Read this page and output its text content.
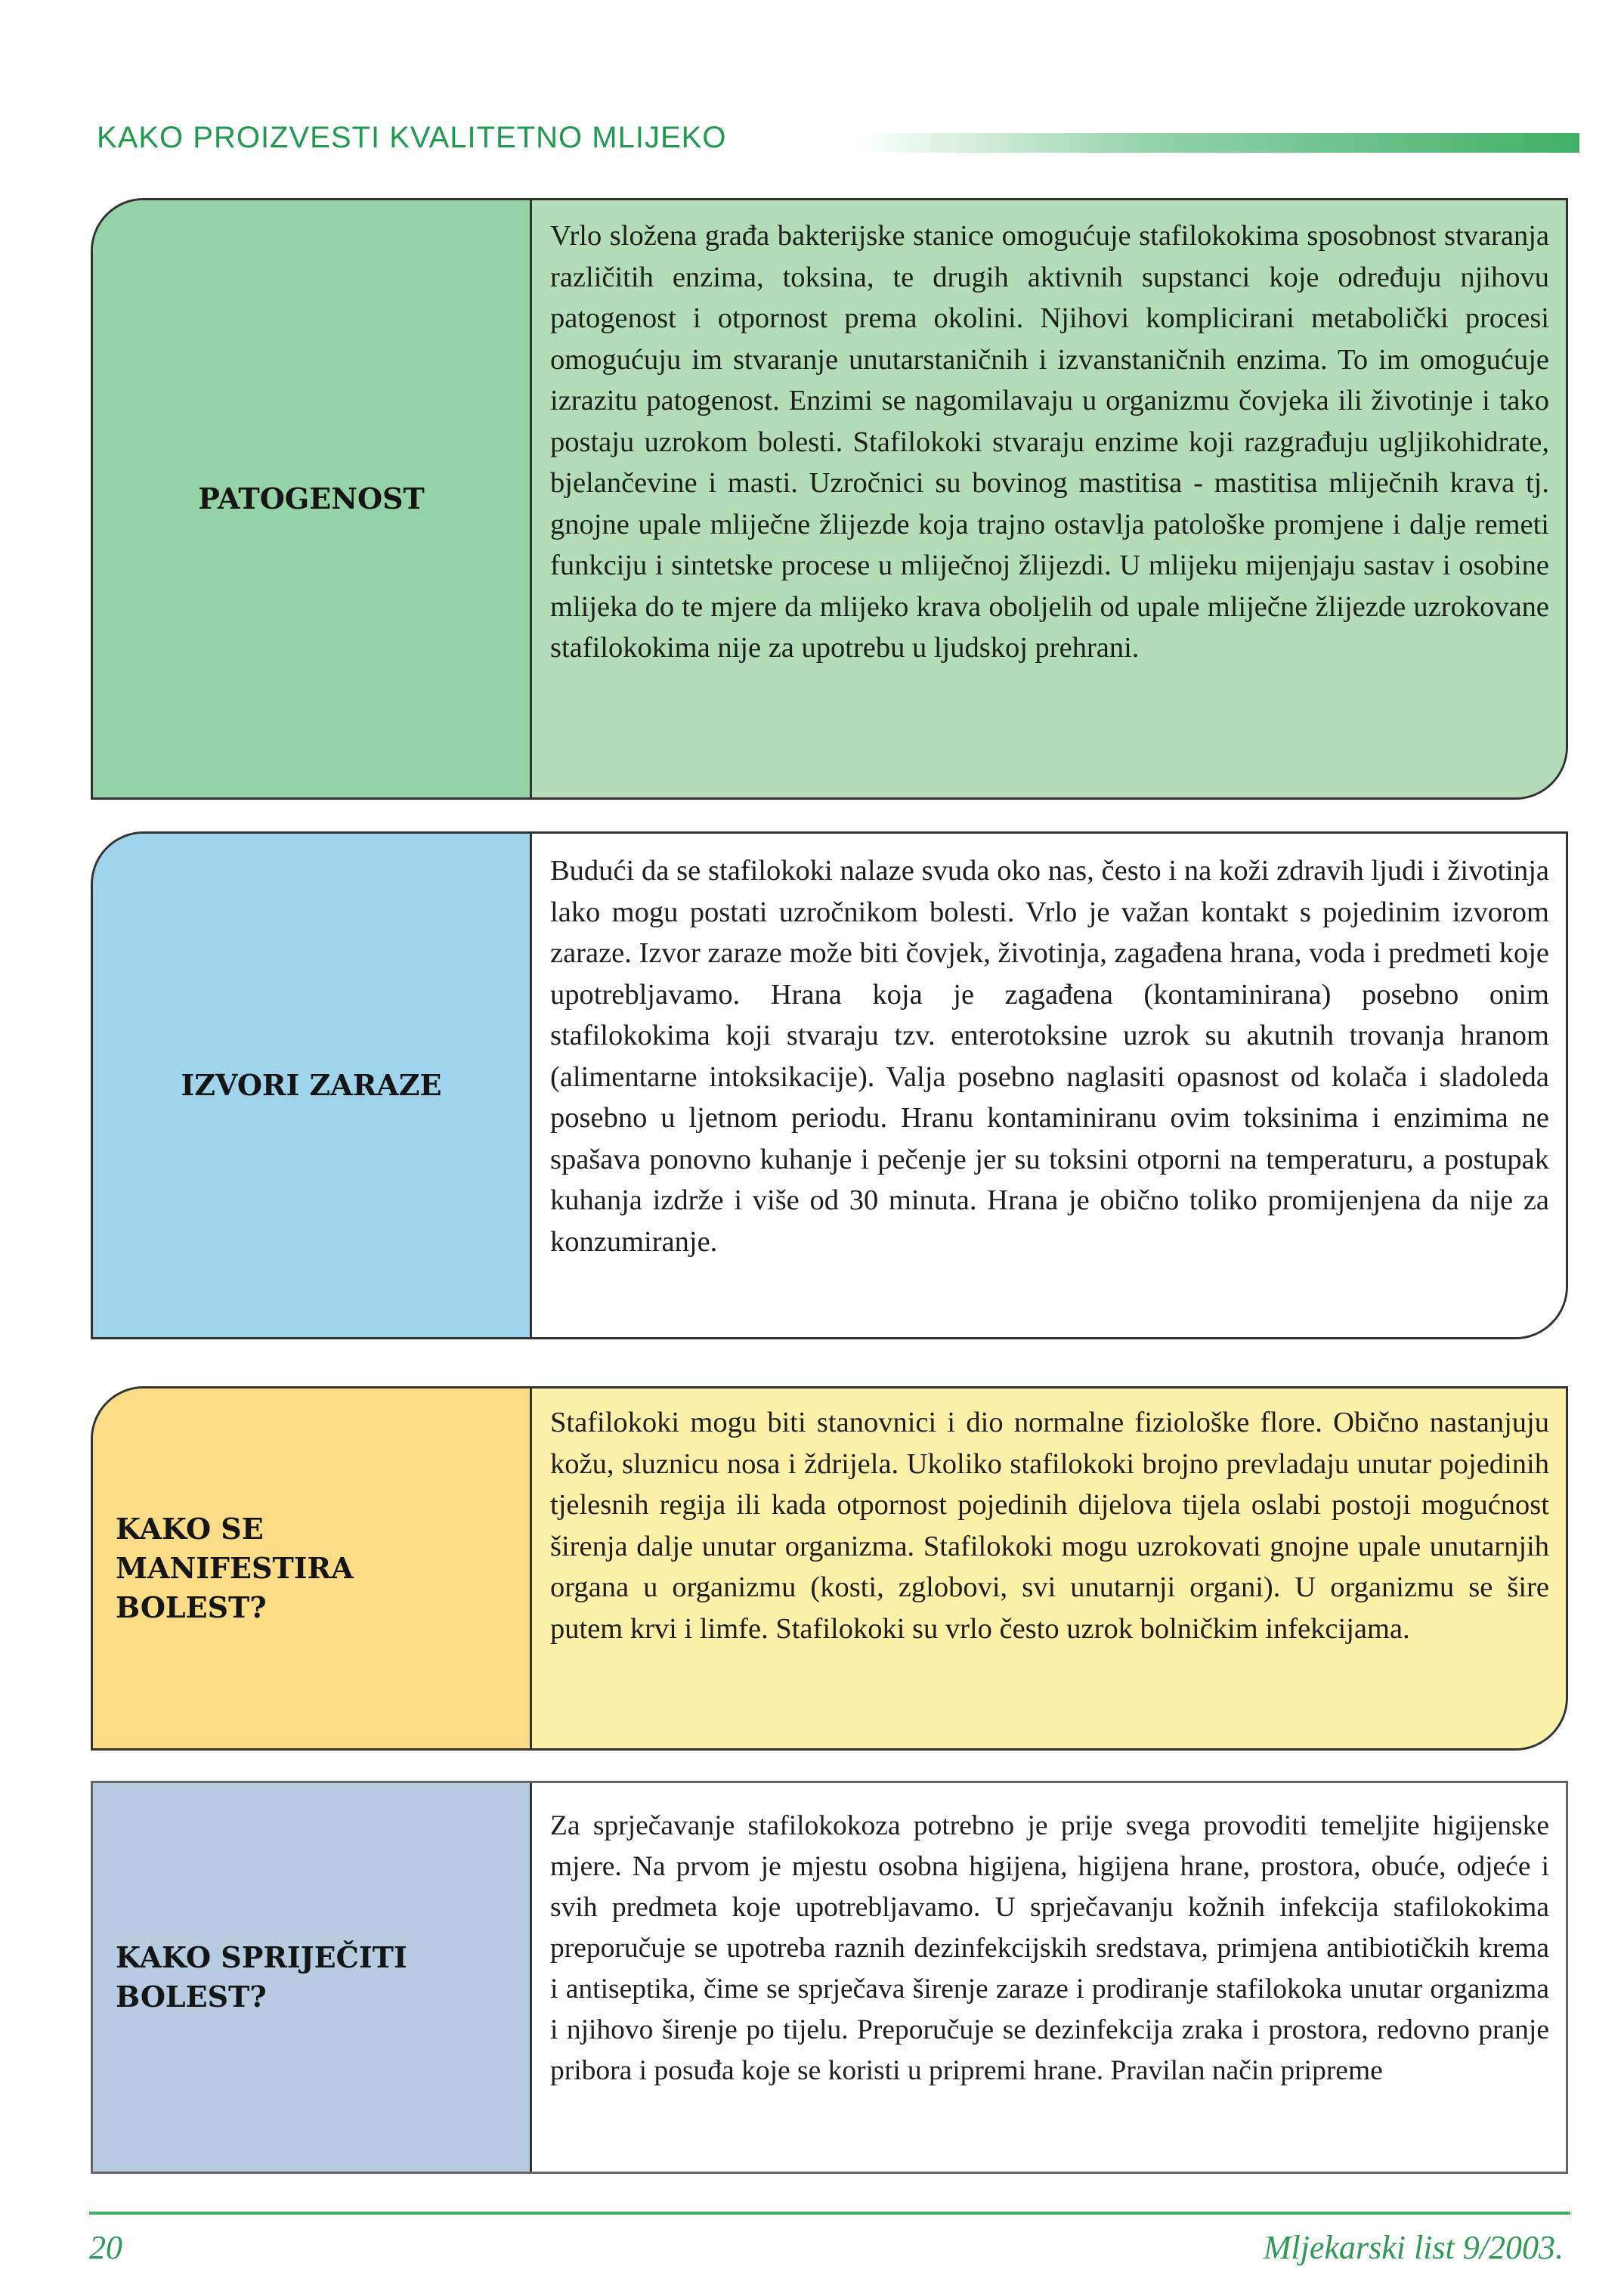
KAKO PROIZVESTI KVALITETNO MLIJEKO
PATOGENOST

Vrlo složena građa bakterijske stanice omogućuje stafilokokima sposobnost stvaranja različitih enzima, toksina, te drugih aktivnih supstanci koje određuju njihovu patogenost i otpornost prema okolini. Njihovi komplicirani metabolički procesi omogućuju im stvaranje unutarstaničnih i izvanstaničnih enzima. To im omogućuje izrazitu patogenost. Enzimi se nagomilavaju u organizmu čovjeka ili životinje i tako postaju uzrokom bolesti. Stafilokoki stvaraju enzime koji razgrađuju ugljikohidrate, bjelančevine i masti. Uzročnici su bovinog mastitisa - mastitisa mliječnih krava tj. gnojne upale mliječne žlijezde koja trajno ostavlja patološke promjene i dalje remeti funkciju i sintetske procese u mliječnoj žlijezdi. U mlijeku mijenjaju sastav i osobine mlijeka do te mjere da mlijeko krava oboljelih od upale mliječne žlijezde uzrokovane stafilokokima nije za upotrebu u ljudskoj prehrani.

IZVORI ZARAZE

Budući da se stafilokoki nalaze svuda oko nas, često i na koži zdravih ljudi i životinja lako mogu postati uzročnikom bolesti. Vrlo je važan kontakt s pojedinim izvorom zaraze. Izvor zaraze može biti čovjek, životinja, zagađena hrana, voda i predmeti koje upotrebljavamo. Hrana koja je zagađena (kontaminirana) posebno onim stafilokokima koji stvaraju tzv. enterotoksine uzrok su akutnih trovanja hranom (alimentarne intoksikacije). Valja posebno naglasiti opasnost od kolača i sladoleda posebno u ljetnom periodu. Hranu kontaminiranu ovim toksinima i enzimima ne spašava ponovno kuhanje i pečenje jer su toksini otporni na temperaturu, a postupak kuhanja izdrže i više od 30 minuta. Hrana je obično toliko promijenjena da nije za konzumiranje.

KAKO SE MANIFESTIRA BOLEST?

Stafilokoki mogu biti stanovnici i dio normalne fiziološke flore. Obično nastanjuju kožu, sluznicu nosa i ždrijela. Ukoliko stafilokoki brojno prevladaju unutar pojedinih tjelesnih regija ili kada otpornost pojedinih dijelova tijela oslabi postoji mogućnost širenja dalje unutar organizma. Stafilokoki mogu uzrokovati gnojne upale unutarnjih organa u organizmu (kosti, zglobovi, svi unutarnji organi). U organizmu se šire putem krvi i limfe. Stafilokoki su vrlo često uzrok bolničkim infekcijama.

KAKO SPRIJEČITI BOLEST?

Za sprječavanje stafilokokoza potrebno je prije svega provoditi temeljite higijenske mjere. Na prvom je mjestu osobna higijena, higijena hrane, prostora, obuće, odjeće i svih predmeta koje upotrebljavamo. U sprječavanju kožnih infekcija stafilokokima preporučuje se upotreba raznih dezinfekcijskih sredstava, primjena antibiotičkih krema i antiseptika, čime se sprječava širenje zaraze i prodiranje stafilokoka unutar organizma i njihovo širenje po tijelu. Preporučuje se dezinfekcija zraka i prostora, redovno pranje pribora i posuđa koje se koristi u pripremi hrane. Pravilan način pripreme

20	Mljekarski list 9/2003.
